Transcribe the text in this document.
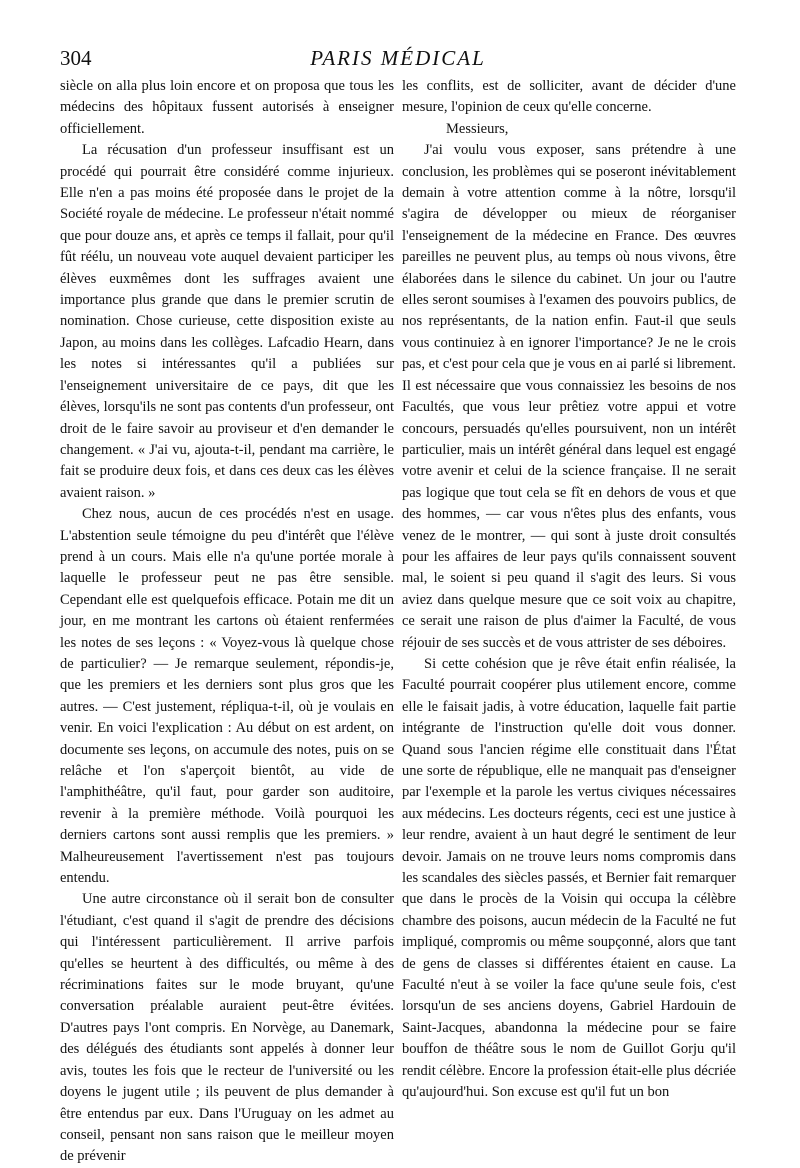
304	PARIS MÉDICAL

siècle on alla plus loin encore et on proposa que tous les médecins des hôpitaux fussent autorisés à enseigner officiellement.

La récusation d'un professeur insuffisant est un procédé qui pourrait être considéré comme injurieux. Elle n'en a pas moins été proposée dans le projet de la Société royale de médecine. Le professeur n'était nommé que pour douze ans, et après ce temps il fallait, pour qu'il fût réélu, un nouveau vote auquel devaient participer les élèves euxmêmes dont les suffrages avaient une importance plus grande que dans le premier scrutin de nomination. Chose curieuse, cette disposition existe au Japon, au moins dans les collèges. Lafcadio Hearn, dans les notes si intéressantes qu'il a publiées sur l'enseignement universitaire de ce pays, dit que les élèves, lorsqu'ils ne sont pas contents d'un professeur, ont droit de le faire savoir au proviseur et d'en demander le changement. « J'ai vu, ajouta-t-il, pendant ma carrière, le fait se produire deux fois, et dans ces deux cas les élèves avaient raison. »

Chez nous, aucun de ces procédés n'est en usage. L'abstention seule témoigne du peu d'intérêt que l'élève prend à un cours. Mais elle n'a qu'une portée morale à laquelle le professeur peut ne pas être sensible. Cependant elle est quelquefois efficace. Potain me dit un jour, en me montrant les cartons où étaient renfermées les notes de ses leçons : « Voyez-vous là quelque chose de particulier? — Je remarque seulement, répondis-je, que les premiers et les derniers sont plus gros que les autres. — C'est justement, répliqua-t-il, où je voulais en venir. En voici l'explication : Au début on est ardent, on documente ses leçons, on accumule des notes, puis on se relâche et l'on s'aperçoit bientôt, au vide de l'amphithéâtre, qu'il faut, pour garder son auditoire, revenir à la première méthode. Voilà pourquoi les derniers cartons sont aussi remplis que les premiers. » Malheureusement l'avertissement n'est pas toujours entendu.

Une autre circonstance où il serait bon de consulter l'étudiant, c'est quand il s'agit de prendre des décisions qui l'intéressent particulièrement. Il arrive parfois qu'elles se heurtent à des difficultés, ou même à des récriminations faites sur le mode bruyant, qu'une conversation préalable auraient peut-être évitées. D'autres pays l'ont compris. En Norvège, au Danemark, des délégués des étudiants sont appelés à donner leur avis, toutes les fois que le recteur de l'université ou les doyens le jugent utile ; ils peuvent de plus demander à être entendus par eux. Dans l'Uruguay on les admet au conseil, pensant non sans raison que le meilleur moyen de prévenir

les conflits, est de solliciter, avant de décider d'une mesure, l'opinion de ceux qu'elle concerne.

Messieurs,

J'ai voulu vous exposer, sans prétendre à une conclusion, les problèmes qui se poseront inévitablement demain à votre attention comme à la nôtre, lorsqu'il s'agira de développer ou mieux de réorganiser l'enseignement de la médecine en France. Des œuvres pareilles ne peuvent plus, au temps où nous vivons, être élaborées dans le silence du cabinet. Un jour ou l'autre elles seront soumises à l'examen des pouvoirs publics, de nos représentants, de la nation enfin. Faut-il que seuls vous continuiez à en ignorer l'importance? Je ne le crois pas, et c'est pour cela que je vous en ai parlé si librement. Il est nécessaire que vous connaissiez les besoins de nos Facultés, que vous leur prêtiez votre appui et votre concours, persuadés qu'elles poursuivent, non un intérêt particulier, mais un intérêt général dans lequel est engagé votre avenir et celui de la science française. Il ne serait pas logique que tout cela se fît en dehors de vous et que des hommes, — car vous n'êtes plus des enfants, vous venez de le montrer, — qui sont à juste droit consultés pour les affaires de leur pays qu'ils connaissent souvent mal, le soient si peu quand il s'agit des leurs. Si vous aviez dans quelque mesure que ce soit voix au chapitre, ce serait une raison de plus d'aimer la Faculté, de vous réjouir de ses succès et de vous attrister de ses déboires.

Si cette cohésion que je rêve était enfin réalisée, la Faculté pourrait coopérer plus utilement encore, comme elle le faisait jadis, à votre éducation, laquelle fait partie intégrante de l'instruction qu'elle doit vous donner. Quand sous l'ancien régime elle constituait dans l'État une sorte de république, elle ne manquait pas d'enseigner par l'exemple et la parole les vertus civiques nécessaires aux médecins. Les docteurs régents, ceci est une justice à leur rendre, avaient à un haut degré le sentiment de leur devoir. Jamais on ne trouve leurs noms compromis dans les scandales des siècles passés, et Bernier fait remarquer que dans le procès de la Voisin qui occupa la célèbre chambre des poisons, aucun médecin de la Faculté ne fut impliqué, compromis ou même soupçonné, alors que tant de gens de classes si différentes étaient en cause. La Faculté n'eut à se voiler la face qu'une seule fois, c'est lorsqu'un de ses anciens doyens, Gabriel Hardouin de Saint-Jacques, abandonna la médecine pour se faire bouffon de théâtre sous le nom de Guillot Gorju qu'il rendit célèbre. Encore la profession était-elle plus décriée qu'aujourd'hui. Son excuse est qu'il fut un bon
